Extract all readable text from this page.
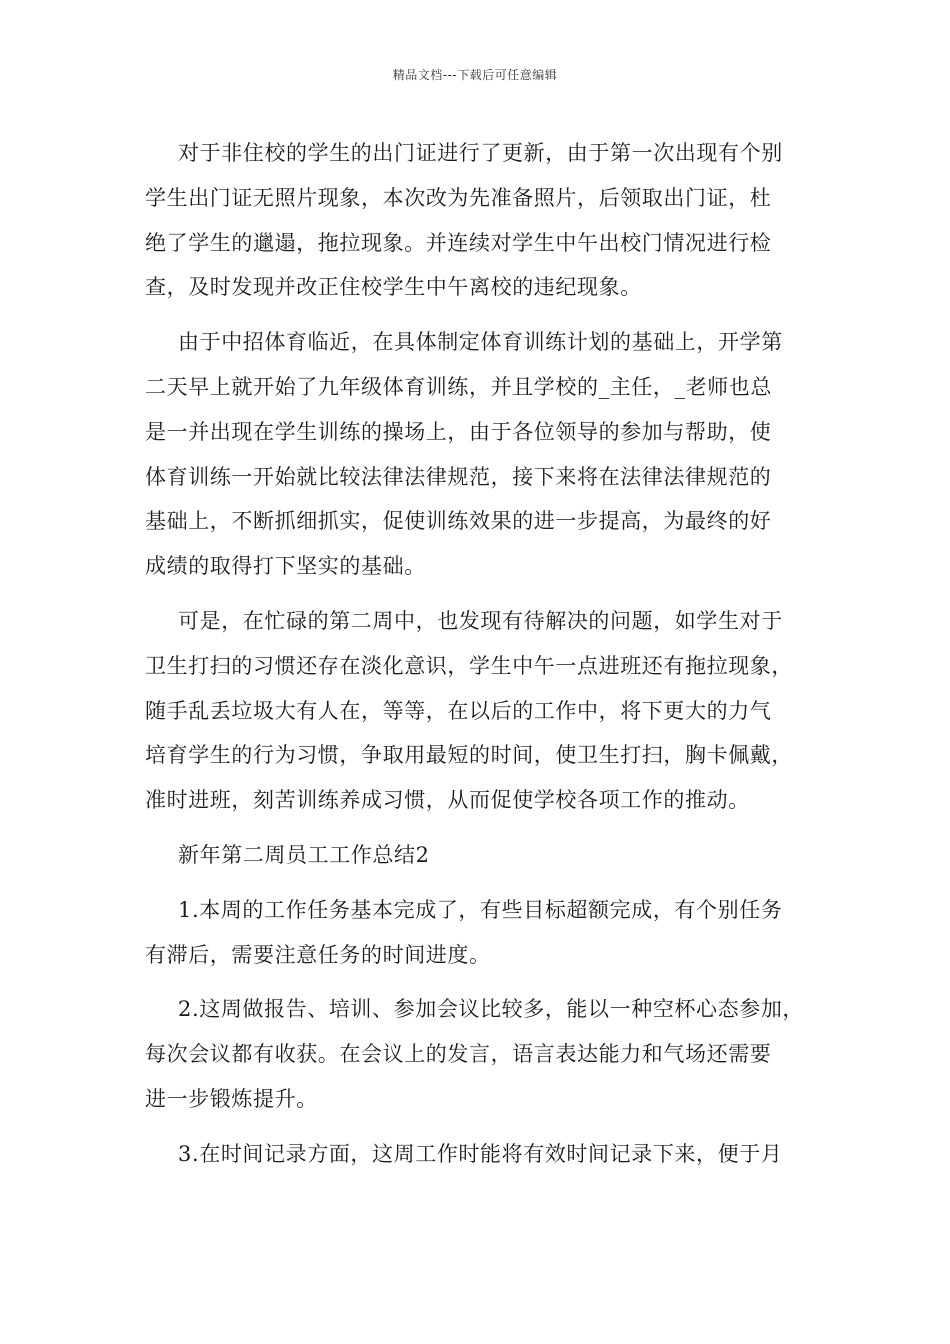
精品文档---下载后可任意编辑
对于非住校的学生的出门证进行了更新，由于第一次出现有个别
学生出门证无照片现象，本次改为先准备照片，后领取出门证，杜
绝了学生的邋遢，拖拉现象。并连续对学生中午出校门情况进行检
查，及时发现并改正住校学生中午离校的违纪现象。
由于中招体育临近，在具体制定体育训练计划的基础上，开学第
二天早上就开始了九年级体育训练，并且学校的_主任，_老师也总
是一并出现在学生训练的操场上，由于各位领导的参加与帮助，使
体育训练一开始就比较法律法律规范，接下来将在法律法律规范的
基础上，不断抓细抓实，促使训练效果的进一步提高，为最终的好
成绩的取得打下坚实的基础。
可是，在忙碌的第二周中，也发现有待解决的问题，如学生对于
卫生打扫的习惯还存在淡化意识，学生中午一点进班还有拖拉现象，
随手乱丢垃圾大有人在，等等，在以后的工作中，将下更大的力气
培育学生的行为习惯，争取用最短的时间，使卫生打扫，胸卡佩戴，
准时进班，刻苦训练养成习惯，从而促使学校各项工作的推动。
新年第二周员工工作总结2
1.本周的工作任务基本完成了，有些目标超额完成，有个别任务
有滞后，需要注意任务的时间进度。
2.这周做报告、培训、参加会议比较多，能以一种空杯心态参加，
每次会议都有收获。在会议上的发言，语言表达能力和气场还需要
进一步锻炼提升。
3.在时间记录方面，这周工作时能将有效时间记录下来，便于月
